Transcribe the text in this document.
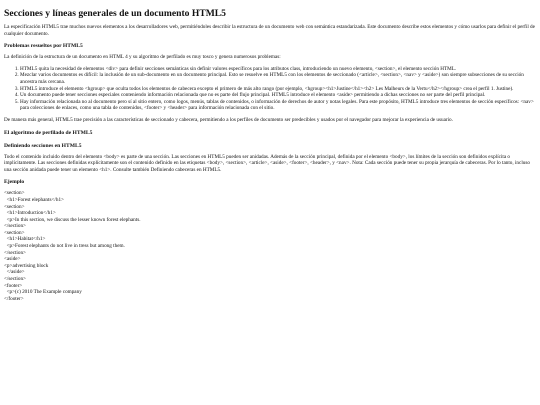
Secciones y líneas generales de un documento HTML5

La especificación HTML5 trae muchos nuevos elementos a los desarrolladores web, permitiéndoles describir la estructura de un documento web con semántica estandarizada. Este documento describe estos elementos y cómo usarlos para definir el perfil de cualquier documento.

Problemas resueltos por HTML5

La definición de la estructura de un documento en HTML 4 y su algoritmo de perfilado es muy tosco y genera numerosos problemas:

1. HTML5 quita la necesidad de elementos <div> para definir secciones semánticas sin definir valores específicos para los atributos class, introduciendo un nuevo elemento, <section>, el elemento sección HTML.
2. Mezclar varios documentos es difícil: la inclusión de un sub-documento en un documento principal. Esto se resuelve en HTML5 con los elementos de seccionado (<article>, <section>, <nav> y <aside>) son siempre subsecciones de su sección ancestra más cercana.
3. HTML5 introduce el elemento <hgroup> que oculta todos los elementos de cabecera excepto el primero de más alto rango (por ejemplo, <hgroup><h1>Justine</h1><h2> Les Malheurs de la Vertu</h2></hgroup> crea el perfil 1. Justine).
4. Un documento puede tener secciones especiales conteniendo información relacionada que no es parte del flujo principal. HTML5 introduce el elemento <aside> permitiendo a dichas secciones no ser parte del perfil principal.
5. Hay información relacionada no al documento pero sí al sitio entero, como logos, menús, tablas de contenidos, o información de derechos de autor y notas legales. Para este propósito, HTML5 introduce tres elementos de sección específicos: <nav> para colecciones de enlaces, como una tabla de contenidos, <footer> y <header> para información relacionada con el sitio.

De manera más general, HTML5 trae precisión a las características de seccionado y cabecera, permitiendo a los perfiles de documento ser predecibles y usados por el navegador para mejorar la experiencia de usuario.

El algoritmo de perfilado de HTML5
Definiendo secciones en HTML5

Todo el contenido incluido dentro del elemento <body> es parte de una sección. Las secciones en HTML5 pueden ser anidadas. Además de la sección principal, definida por el elemento <body>, los límites de la sección son definidos explícita o implícitamente. Las secciones definidas explícitamente son el contenido definido en las etiquetas <body>, <section>, <article>, <aside>, <footer>, <header>, y <nav>. Nota: Cada sección puede tener su propia jerarquía de cabeceras. Por lo tanto, incluso una sección anidada puede tener un elemento <h1>. Consulte también Definiendo cabeceras en HTML5.

Ejemplo
<section>
<h1>Forest elephants</h1>
<section>
<h1>Introduction</h1>
<p>In this section, we discuss the lesser known forest elephants.
</section>
<section>
<h1>Habitat</h1>
<p>Forest elephants do not live in tress but among them.
</section>
<aside>
<p>advertising block
</aside>
</section>
<footer>
<p>(c) 2010 The Example company
</footer>
